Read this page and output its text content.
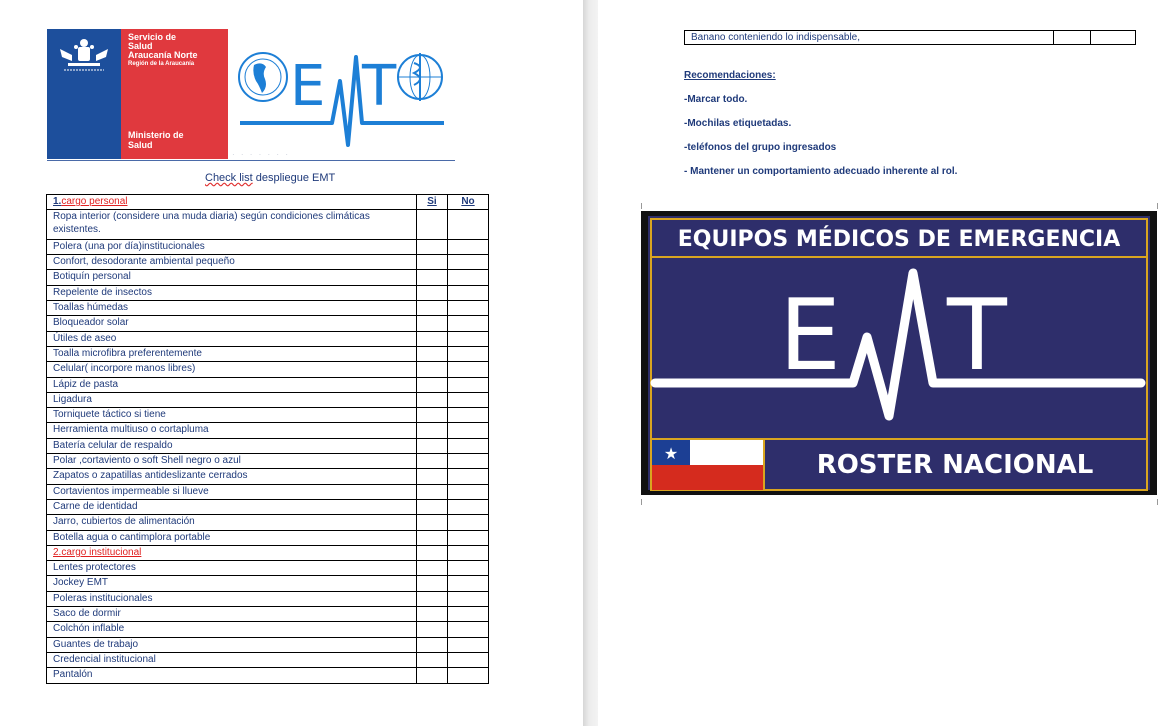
Servicio de
Salud
Araucanía Norte
Región de la Araucanía
Ministerio de
Salud
E T
· · · · · · ·
Check list despliegue EMT
1.cargo personal	Si	No
Ropa interior (considere una muda diaria) según condiciones climáticas existentes.		
Polera (una por día)institucionales		
Confort, desodorante ambiental pequeño		
Botiquín personal		
Repelente de insectos		
Toallas húmedas		
Bloqueador solar		
Útiles de aseo		
Toalla microfibra preferentemente		
Celular( incorpore manos libres)		
Lápiz de pasta		
Ligadura		
Torniquete táctico si tiene		
Herramienta multiuso o cortapluma		
Batería celular de respaldo		
Polar ,cortaviento o soft Shell negro o azul		
Zapatos o zapatillas antideslizante cerrados		
Cortavientos impermeable si llueve		
Carne de identidad		
Jarro, cubiertos de alimentación		
Botella agua o cantimplora portable		
2.cargo institucional		
Lentes protectores		
Jockey EMT		
Poleras institucionales		
Saco de dormir		
Colchón inflable		
Guantes de trabajo		
Credencial institucional		
Pantalón		
Banano conteniendo lo indispensable,		
Recomendaciones:
-Marcar todo.
-Mochilas etiquetadas.
-teléfonos del grupo ingresados
- Mantener un comportamiento adecuado inherente al rol.
EQUIPOS MÉDICOS DE EMERGENCIA
E T
★	ROSTER NACIONAL
